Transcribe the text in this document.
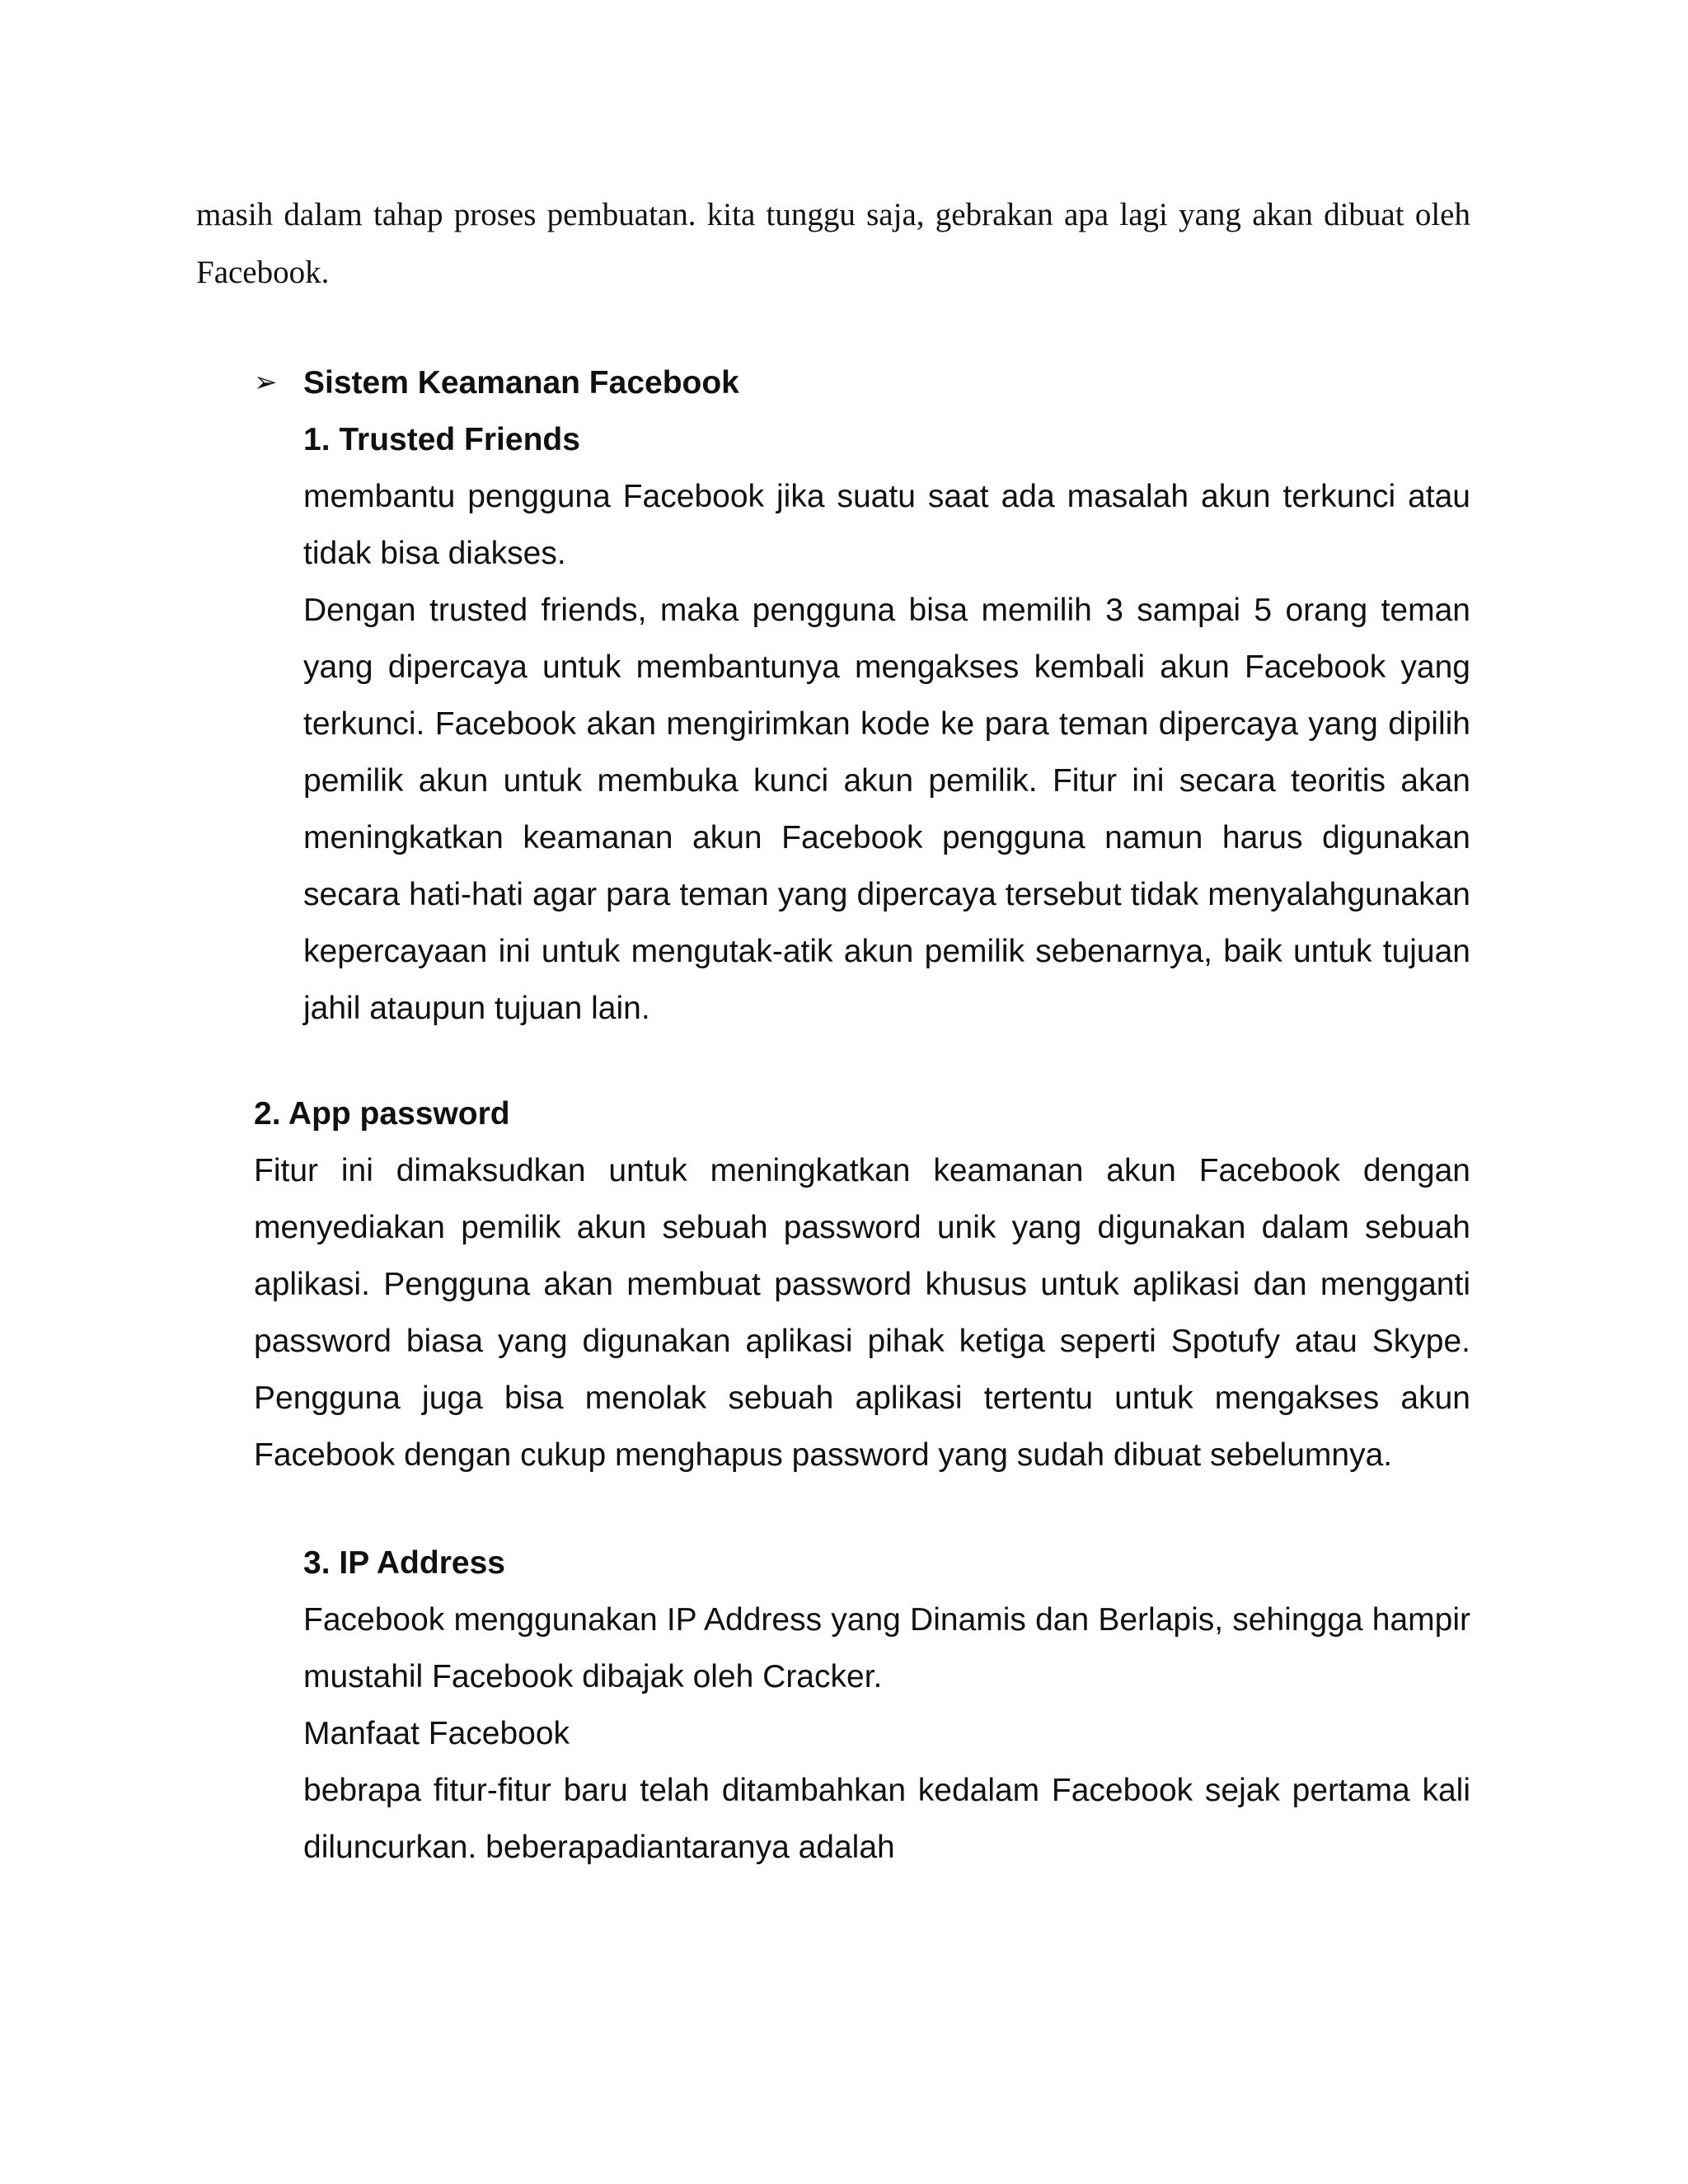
masih dalam tahap proses pembuatan. kita tunggu saja, gebrakan apa lagi yang akan dibuat oleh Facebook.

➢ Sistem Keamanan Facebook

1. Trusted Friends

membantu pengguna Facebook jika suatu saat ada masalah akun terkunci atau tidak bisa diakses.

Dengan trusted friends, maka pengguna bisa memilih 3 sampai 5 orang teman yang dipercaya untuk membantunya mengakses kembali akun Facebook yang terkunci. Facebook akan mengirimkan kode ke para teman dipercaya yang dipilih pemilik akun untuk membuka kunci akun pemilik. Fitur ini secara teoritis akan meningkatkan keamanan akun Facebook pengguna namun harus digunakan secara hati-hati agar para teman yang dipercaya tersebut tidak menyalahgunakan kepercayaan ini untuk mengutak-atik akun pemilik sebenarnya, baik untuk tujuan jahil ataupun tujuan lain.

2. App password

Fitur ini dimaksudkan untuk meningkatkan keamanan akun Facebook dengan menyediakan pemilik akun sebuah password unik yang digunakan dalam sebuah aplikasi. Pengguna akan membuat password khusus untuk aplikasi dan mengganti password biasa yang digunakan aplikasi pihak ketiga seperti Spotufy atau Skype. Pengguna juga bisa menolak sebuah aplikasi tertentu untuk mengakses akun Facebook dengan cukup menghapus password yang sudah dibuat sebelumnya.

3. IP Address

Facebook menggunakan IP Address yang Dinamis dan Berlapis, sehingga hampir mustahil Facebook dibajak oleh Cracker.

Manfaat Facebook

bebrapa fitur-fitur baru telah ditambahkan kedalam Facebook sejak pertama kali diluncurkan. beberapadiantaranya adalah
